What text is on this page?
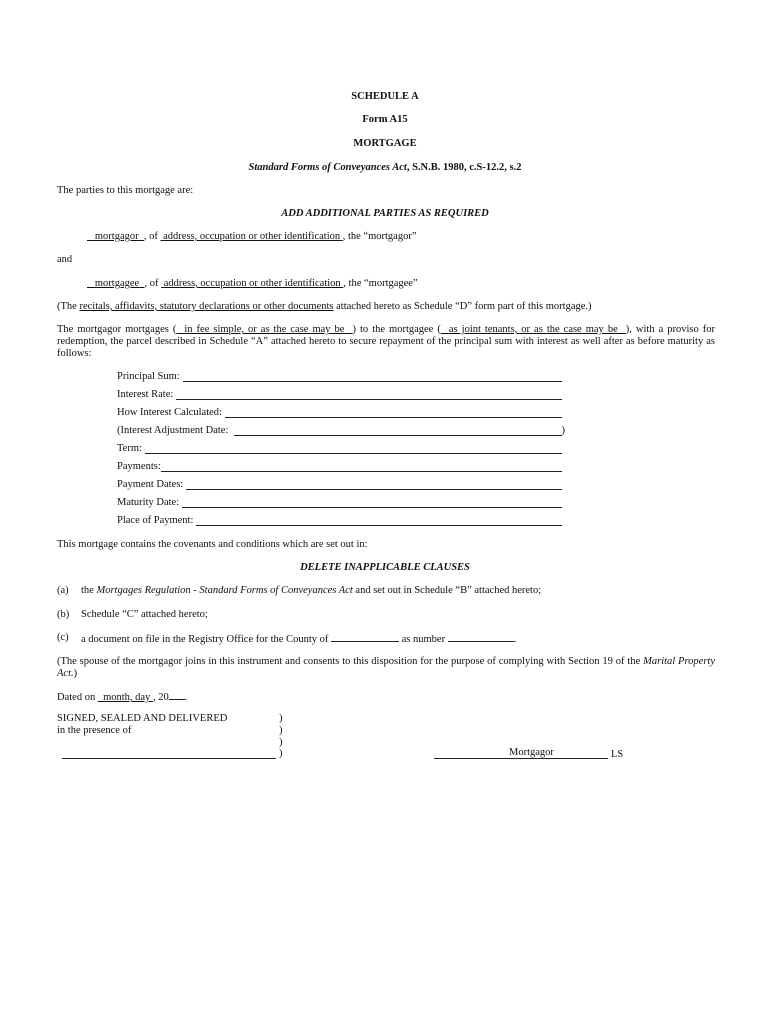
SCHEDULE A
Form A15
MORTGAGE
Standard Forms of Conveyances Act, S.N.B. 1980, c.S-12.2, s.2
The parties to this mortgage are:
ADD ADDITIONAL PARTIES AS REQUIRED
mortgagor , of address, occupation or other identification , the “mortgagor”
and
mortgagee , of address, occupation or other identification , the “mortgagee”
(The recitals, affidavits, statutory declarations or other documents attached hereto as Schedule “D” form part of this mortgage.)
The mortgagor mortgages ( in fee simple, or as the case may be ) to the mortgagee ( as joint tenants, or as the case may be ), with a proviso for redemption, the parcel described in Schedule “A” attached hereto to secure repayment of the principal sum with interest as well after as before maturity as follows:
Principal Sum:
Interest Rate:
How Interest Calculated:
(Interest Adjustment Date:	)
Term:
Payments:
Payment Dates:
Maturity Date:
Place of Payment:
This mortgage contains the covenants and conditions which are set out in:
DELETE INAPPLICABLE CLAUSES
(a) the Mortgages Regulation - Standard Forms of Conveyances Act and set out in Schedule “B” attached hereto;
(b) Schedule “C” attached hereto;
(c) a document on file in the Registry Office for the County of	as number	.
(The spouse of the mortgagor joins in this instrument and consents to this disposition for the purpose of complying with Section 19 of the Marital Property Act.)
Dated on month, day , 20 .
SIGNED, SEALED AND DELIVERED
in the presence of
)
)
)
)	Mortgagor	LS
